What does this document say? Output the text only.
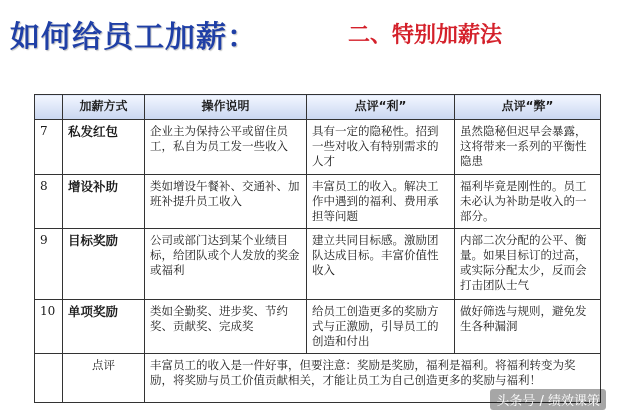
如何给员工加薪：	二、特别加薪法
	加薪方式	操作说明	点评“利”	点评“弊”
7	私发红包	企业主为保持公平或留住员工，私自为员工发一些收入	具有一定的隐秘性。招到一些对收入有特别需求的人才	虽然隐秘但迟早会暴露，这将带来一系列的平衡性隐患
8	增设补助	类如增设午餐补、交通补、加班补提升员工收入	丰富员工的收入。解决工作中遇到的福利、费用承担等问题	福利毕竟是刚性的。员工未必认为补助是收入的一部分。
9	目标奖励	公司或部门达到某个业绩目标，给团队或个人发放的奖金或福利	建立共同目标感。激励团队达成目标。丰富价值性收入	内部二次分配的公平、衡量。如果目标订的过高，或实际分配太少，反而会打击团队士气
10	单项奖励	类如全勤奖、进步奖、节约奖、贡献奖、完成奖	给员工创造更多的奖励方式与正激励，引导员工的创造和付出	做好筛选与规则，避免发生各种漏洞
	点评	丰富员工的收入是一件好事，但要注意：奖励是奖励，福利是福利。将福利转变为奖励，将奖励与员工价值贡献相关，才能让员工为自己创造更多的奖励与福利！		
头条号 / 绩效课策
